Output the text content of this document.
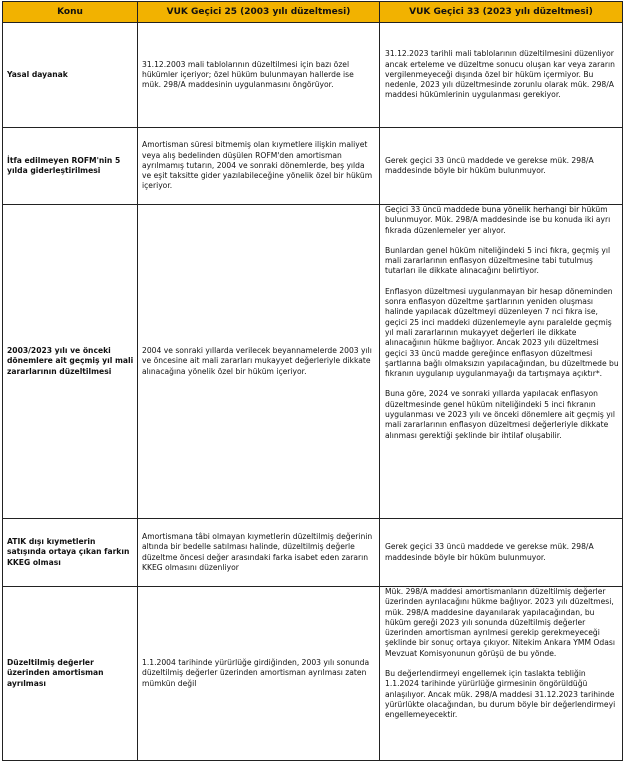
Konu	VUK Geçici 25 (2003 yılı düzeltmesi)	VUK Geçici 33 (2023 yılı düzeltmesi)
Yasal dayanak	31.12.2003 mali tablolarının düzeltilmesi için bazı özel hükümler içeriyor; özel hüküm bulunmayan hallerde ise mük. 298/A maddesinin uygulanmasını öngörüyor.	31.12.2023 tarihli mali tablolarının düzeltilmesini düzenliyor ancak erteleme ve düzeltme sonucu oluşan kar veya zararın vergilenmeyeceği dışında özel bir hüküm içermiyor. Bu nedenle, 2023 yılı düzeltmesinde zorunlu olarak mük. 298/A maddesi hükümlerinin uygulanması gerekiyor.

İtfa edilmeyen ROFM'nin 5 yılda giderleştirilmesi	Amortisman süresi bitmemiş olan kıymetlere ilişkin maliyet veya alış bedelinden düşülen ROFM'den amortisman ayrılmamış tutarın, 2004 ve sonraki dönemlerde, beş yılda ve eşit taksitte gider yazılabileceğine yönelik özel bir hüküm içeriyor.	Gerek geçici 33 üncü maddede ve gerekse mük. 298/A maddesinde böyle bir hüküm bulunmuyor.

2003/2023 yılı ve önceki dönemlere ait geçmiş yıl mali zararlarının düzeltilmesi	2004 ve sonraki yıllarda verilecek beyannamelerde 2003 yılı ve öncesine ait mali zararları mukayyet değerleriyle dikkate alınacağına yönelik özel bir hüküm içeriyor.	Geçici 33 üncü maddede buna yönelik herhangi bir hüküm bulunmuyor. Mük. 298/A maddesinde ise bu konuda iki ayrı fıkrada düzenlemeler yer alıyor.
Bunlardan genel hüküm niteliğindeki 5 inci fıkra, geçmiş yıl mali zararlarının enflasyon düzeltmesine tabi tutulmuş tutarları ile dikkate alınacağını belirtiyor.
Enflasyon düzeltmesi uygulanmayan bir hesap döneminden sonra enflasyon düzeltme şartlarının yeniden oluşması halinde yapılacak düzeltmeyi düzenleyen 7 nci fıkra ise, geçici 25 inci maddeki düzenlemeyle aynı paralelde geçmiş yıl mali zararlarının mukayyet değerleri ile dikkate alınacağının hükme bağlıyor. Ancak 2023 yılı düzeltmesi geçici 33 üncü madde gereğince enflasyon düzeltmesi şartlarına bağlı olmaksızın yapılacağından, bu düzeltmede bu fıkranın uygulanıp uygulanmayağı da tartışmaya açıktır*.
Buna göre, 2024 ve sonraki yıllarda yapılacak enflasyon düzeltmesinde genel hüküm niteliğindeki 5 inci fıkranın uygulanması ve 2023 yılı ve önceki dönemlere ait geçmiş yıl mali zararlarının enflasyon düzeltmesi değerleriyle dikkate alınması gerektiği şeklinde bir ihtilaf oluşabilir.

ATIK dışı kıymetlerin satışında ortaya çıkan farkın KKEG olması	Amortismana tâbi olmayan kıymetlerin düzeltilmiş değerinin altında bir bedelle satılması halinde, düzeltilmiş değerle düzeltme öncesi değer arasındaki farka isabet eden zararın KKEG olmasını düzenliyor	Gerek geçici 33 üncü maddede ve gerekse mük. 298/A maddesinde böyle bir hüküm bulunmuyor.

Düzeltilmiş değerler üzerinden amortisman ayrılması	1.1.2004 tarihinde yürürlüğe girdiğinden, 2003 yılı sonunda düzeltilmiş değerler üzerinden amortisman ayrılması zaten mümkün değil	Mük. 298/A maddesi amortismanların düzeltilmiş değerler üzerinden ayrılacağını hükme bağlıyor. 2023 yılı düzeltmesi, mük. 298/A maddesine dayanılarak yapılacağından, bu hüküm gereği 2023 yılı sonunda düzeltilmiş değerler üzerinden amortisman ayrılmesi gerekip gerekmeyeceği şeklinde bir sonuç ortaya çıkıyor. Nitekim Ankara YMM Odası Mevzuat Komisyonunun görüşü de bu yönde.
Bu değerlendirmeyi engellemek için taslakta tebliğin 1.1.2024 tarihinde yürürlüğe girmesinin öngörüldüğü anlaşılıyor. Ancak mük. 298/A maddesi 31.12.2023 tarihinde yürürlükte olacağından, bu durum böyle bir değerlendirmeyi engellemeyecektir.
